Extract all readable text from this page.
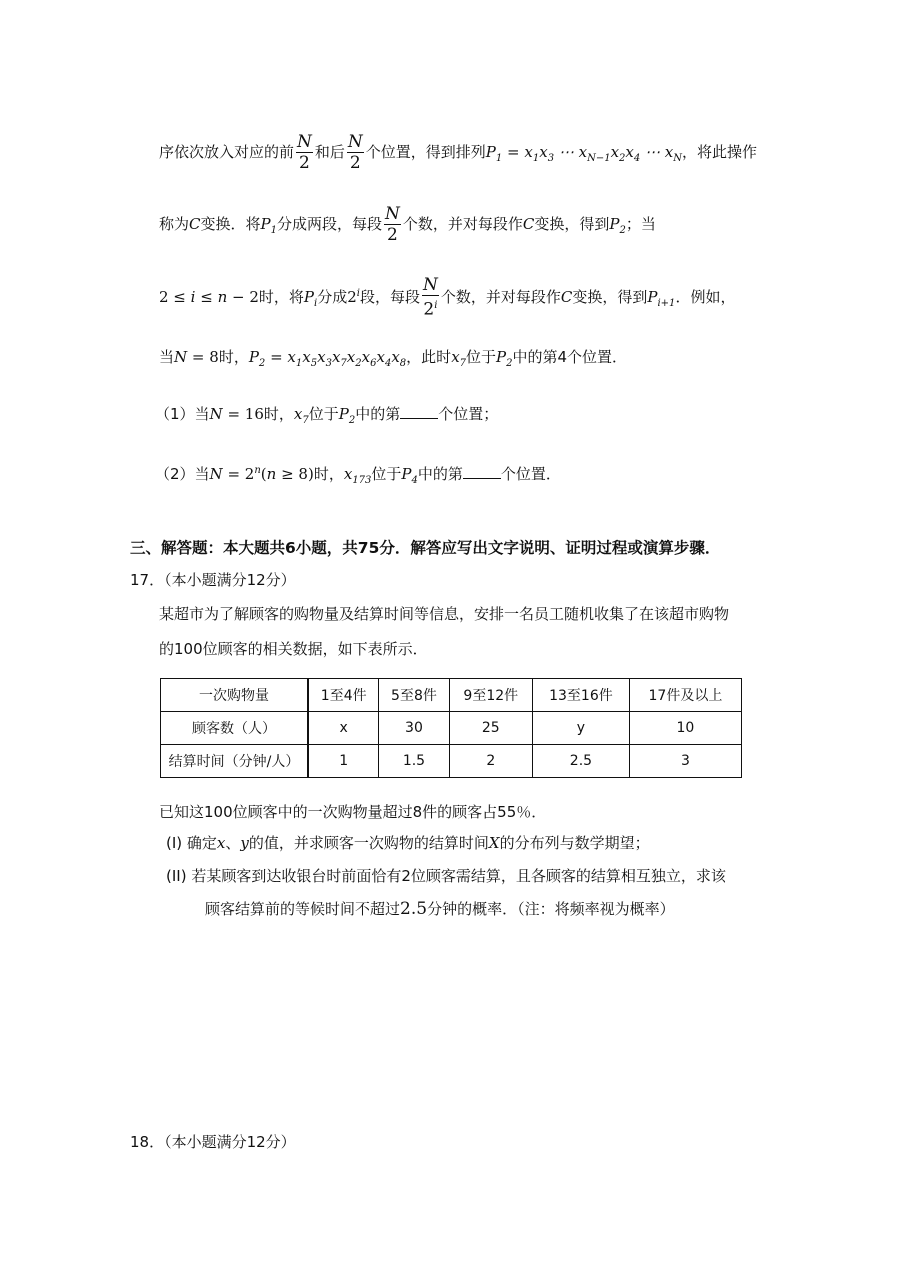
序依次放入对应的前 $\frac{N}{2}$ 和后 $\frac{N}{2}$ 个位置，得到排列$P_1 = x_1x_3$ ⋯ $x_{N-1}x_2x_4$ ⋯ $x_N$，将此操作
称为C变换．将$P_1$分成两段，每段 $\frac{N}{2}$ 个数，并对每段作C变换，得到$P_2$；当
2 ≤ i ≤ n − 2时，将$P_i$分成2$^i$段，每段 $\frac{N}{2^i}$ 个数，并对每段作C变换，得到$P_{i+1}$．例如，
当N = 8时，$P_2 = x_1x_5x_3x_7x_2x_6x_4x_8$，此时$x_7$位于$P_2$中的第4个位置．
（1）当N = 16时，$x_7$位于$P_2$中的第	个位置；
（2）当$N = 2^n(n \ge 8)$时，$x_{173}$位于$P_4$中的第	个位置．
三、解答题：本大题共6小题，共75分．解答应写出文字说明、证明过程或演算步骤．
17．（本小题满分12分）
某超市为了解顾客的购物量及结算时间等信息，安排一名员工随机收集了在该超市购物
的100位顾客的相关数据，如下表所示．
一次购物量	1至4件	5至8件	9至12件	13至16件	17件及以上
顾客数（人）	x	30	25	y	10
结算时间（分钟/人）	1	1.5	2	2.5	3
已知这100位顾客中的一次购物量超过8件的顾客占55％．
(I) 确定x、y的值，并求顾客一次购物的结算时间X的分布列与数学期望；
(II) 若某顾客到达收银台时前面恰有2位顾客需结算，且各顾客的结算相互独立，求该
顾客结算前的等候时间不超过2.5分钟的概率．（注：将频率视为概率）
18．（本小题满分12分）
